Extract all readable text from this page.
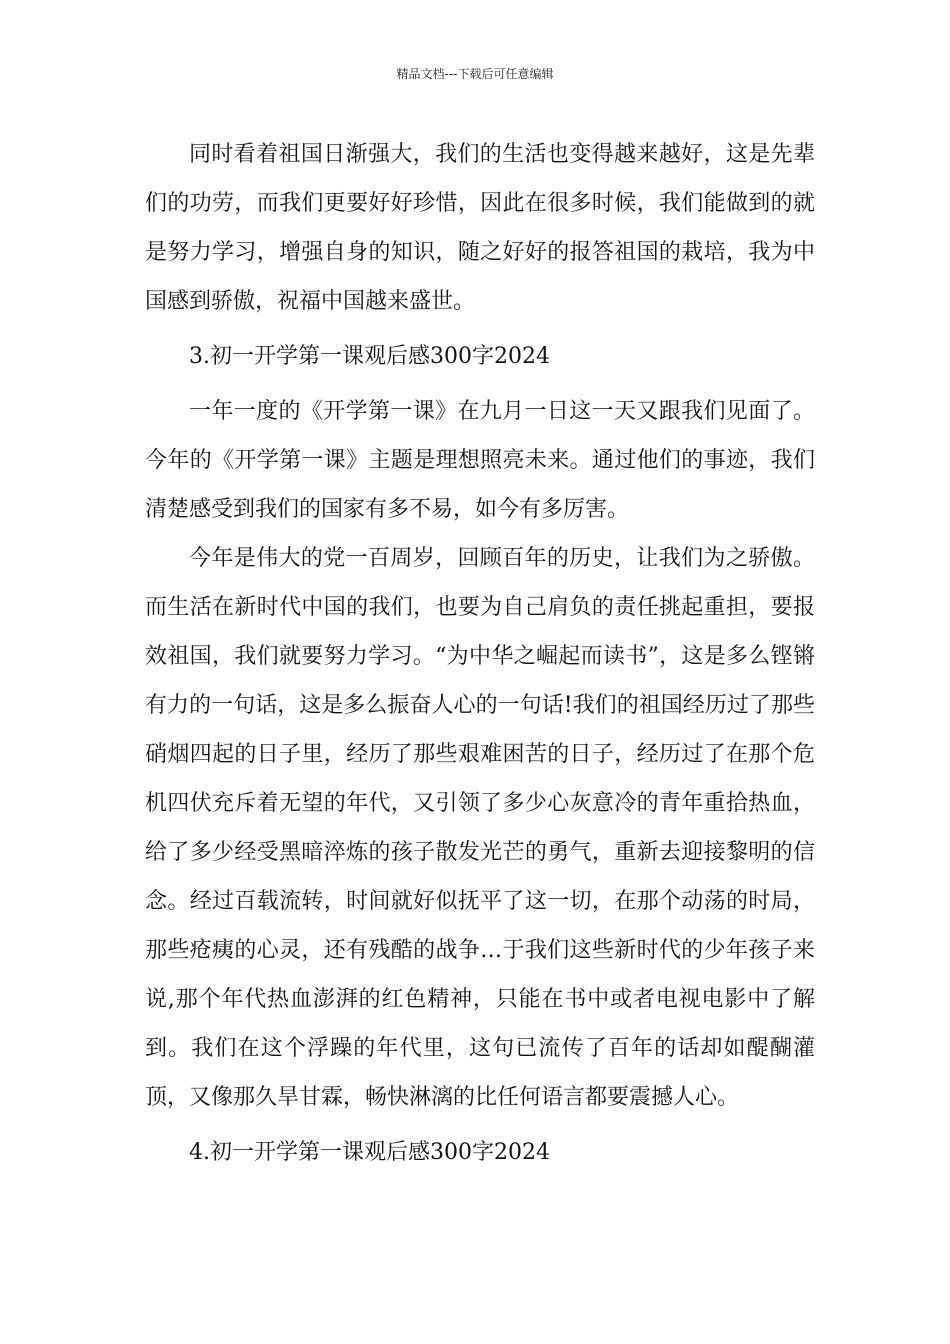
精品文档---下载后可任意编辑

同时看着祖国日渐强大，我们的生活也变得越来越好，这是先辈们的功劳，而我们更要好好珍惜，因此在很多时候，我们能做到的就是努力学习，增强自身的知识，随之好好的报答祖国的栽培，我为中国感到骄傲，祝福中国越来盛世。

3.初一开学第一课观后感300字2024

一年一度的《开学第一课》在九月一日这一天又跟我们见面了。今年的《开学第一课》主题是理想照亮未来。通过他们的事迹，我们清楚感受到我们的国家有多不易，如今有多厉害。

今年是伟大的党一百周岁，回顾百年的历史，让我们为之骄傲。而生活在新时代中国的我们，也要为自己肩负的责任挑起重担，要报效祖国，我们就要努力学习。“为中华之崛起而读书”，这是多么铿锵有力的一句话，这是多么振奋人心的一句话!我们的祖国经历过了那些硝烟四起的日子里，经历了那些艰难困苦的日子，经历过了在那个危机四伏充斥着无望的年代，又引领了多少心灰意冷的青年重拾热血，给了多少经受黑暗淬炼的孩子散发光芒的勇气，重新去迎接黎明的信念。经过百载流转，时间就好似抚平了这一切，在那个动荡的时局，那些疮痍的心灵，还有残酷的战争…于我们这些新时代的少年孩子来说,那个年代热血澎湃的红色精神，只能在书中或者电视电影中了解到。我们在这个浮躁的年代里，这句已流传了百年的话却如醍醐灌顶，又像那久旱甘霖，畅快淋漓的比任何语言都要震撼人心。

4.初一开学第一课观后感300字2024
